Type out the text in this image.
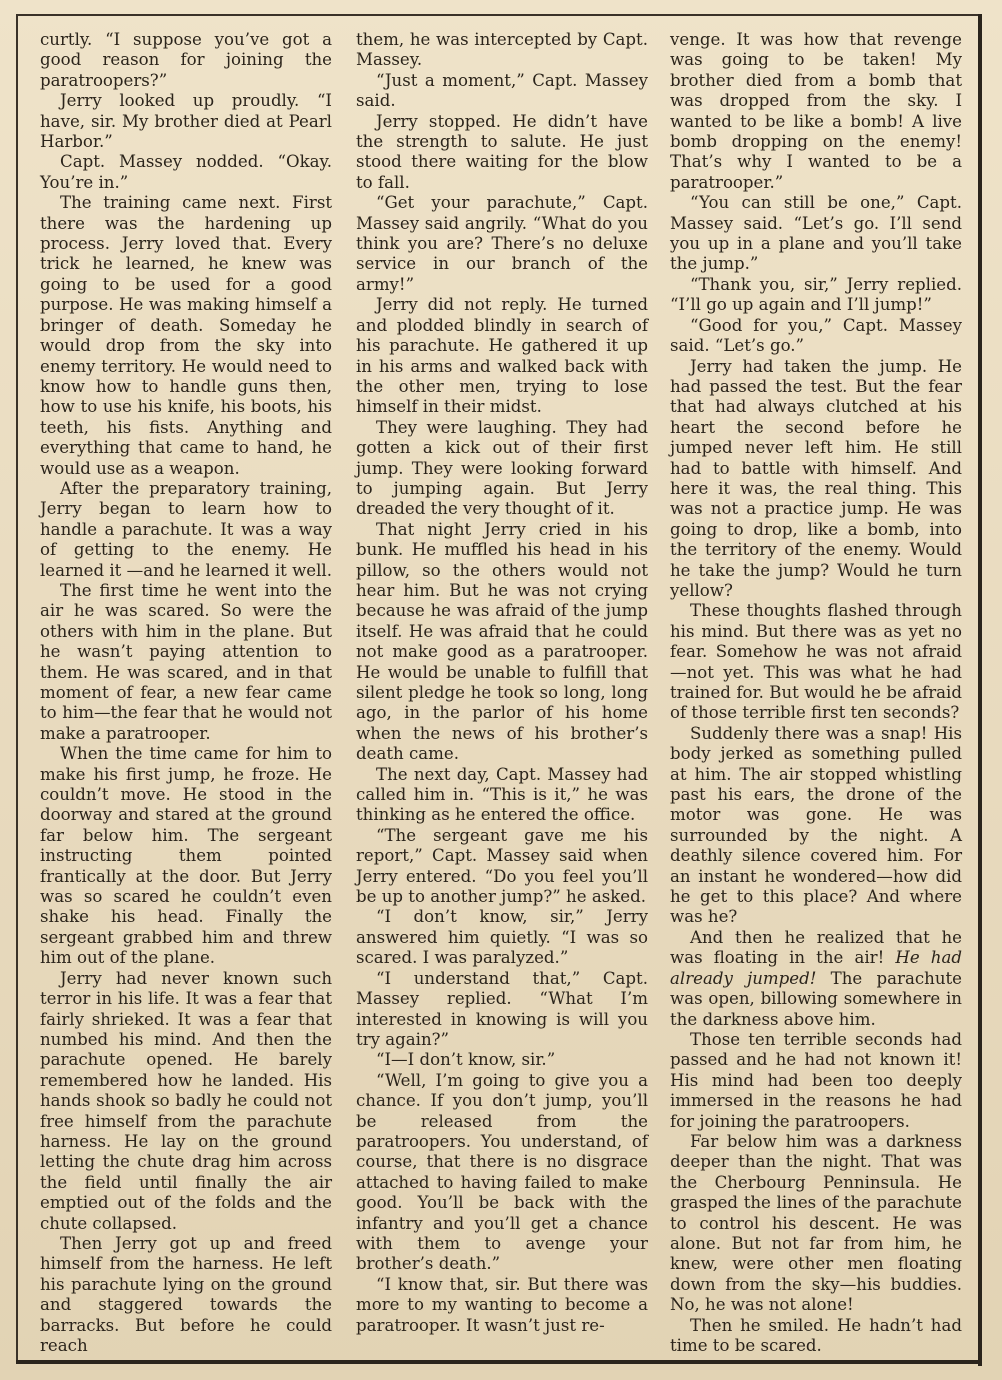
curtly. “I suppose you’ve got a good reason for joining the paratroopers?”

Jerry looked up proudly. “I have, sir. My brother died at Pearl Harbor.”

Capt. Massey nodded. “Okay. You’re in.”

The training came next. First there was the hardening up process. Jerry loved that. Every trick he learned, he knew was going to be used for a good purpose. He was making himself a bringer of death. Someday he would drop from the sky into enemy territory. He would need to know how to handle guns then, how to use his knife, his boots, his teeth, his fists. Anything and everything that came to hand, he would use as a weapon.

After the preparatory training, Jerry began to learn how to handle a parachute. It was a way of getting to the enemy. He learned it —and he learned it well.

The first time he went into the air he was scared. So were the others with him in the plane. But he wasn’t paying attention to them. He was scared, and in that moment of fear, a new fear came to him—the fear that he would not make a paratrooper.

When the time came for him to make his first jump, he froze. He couldn’t move. He stood in the doorway and stared at the ground far below him. The sergeant instructing them pointed frantically at the door. But Jerry was so scared he couldn’t even shake his head. Finally the sergeant grabbed him and threw him out of the plane.

Jerry had never known such terror in his life. It was a fear that fairly shrieked. It was a fear that numbed his mind. And then the parachute opened. He barely remembered how he landed. His hands shook so badly he could not free himself from the parachute harness. He lay on the ground letting the chute drag him across the field until finally the air emptied out of the folds and the chute collapsed.

Then Jerry got up and freed himself from the harness. He left his parachute lying on the ground and staggered towards the barracks. But before he could reach

them, he was intercepted by Capt. Massey.

“Just a moment,” Capt. Massey said.

Jerry stopped. He didn’t have the strength to salute. He just stood there waiting for the blow to fall.

“Get your parachute,” Capt. Massey said angrily. “What do you think you are? There’s no deluxe service in our branch of the army!”

Jerry did not reply. He turned and plodded blindly in search of his parachute. He gathered it up in his arms and walked back with the other men, trying to lose himself in their midst.

They were laughing. They had gotten a kick out of their first jump. They were looking forward to jumping again. But Jerry dreaded the very thought of it.

That night Jerry cried in his bunk. He muffled his head in his pillow, so the others would not hear him. But he was not crying because he was afraid of the jump itself. He was afraid that he could not make good as a paratrooper. He would be unable to fulfill that silent pledge he took so long, long ago, in the parlor of his home when the news of his brother’s death came.

The next day, Capt. Massey had called him in. “This is it,” he was thinking as he entered the office.

“The sergeant gave me his report,” Capt. Massey said when Jerry entered. “Do you feel you’ll be up to another jump?” he asked.

“I don’t know, sir,” Jerry answered him quietly. “I was so scared. I was paralyzed.”

“I understand that,” Capt. Massey replied. “What I’m interested in knowing is will you try again?”

“I—I don’t know, sir.”

“Well, I’m going to give you a chance. If you don’t jump, you’ll be released from the paratroopers. You understand, of course, that there is no disgrace attached to having failed to make good. You’ll be back with the infantry and you’ll get a chance with them to avenge your brother’s death.”

“I know that, sir. But there was more to my wanting to become a paratrooper. It wasn’t just re-

venge. It was how that revenge was going to be taken! My brother died from a bomb that was dropped from the sky. I wanted to be like a bomb! A live bomb dropping on the enemy! That’s why I wanted to be a paratrooper.”

“You can still be one,” Capt. Massey said. “Let’s go. I’ll send you up in a plane and you’ll take the jump.”

“Thank you, sir,” Jerry replied. “I’ll go up again and I’ll jump!”

“Good for you,” Capt. Massey said. “Let’s go.”

Jerry had taken the jump. He had passed the test. But the fear that had always clutched at his heart the second before he jumped never left him. He still had to battle with himself. And here it was, the real thing. This was not a practice jump. He was going to drop, like a bomb, into the territory of the enemy. Would he take the jump? Would he turn yellow?

These thoughts flashed through his mind. But there was as yet no fear. Somehow he was not afraid—not yet. This was what he had trained for. But would he be afraid of those terrible first ten seconds?

Suddenly there was a snap! His body jerked as something pulled at him. The air stopped whistling past his ears, the drone of the motor was gone. He was surrounded by the night. A deathly silence covered him. For an instant he wondered—how did he get to this place? And where was he?

And then he realized that he was floating in the air! He had already jumped! The parachute was open, billowing somewhere in the darkness above him.

Those ten terrible seconds had passed and he had not known it! His mind had been too deeply immersed in the reasons he had for joining the paratroopers.

Far below him was a darkness deeper than the night. That was the Cherbourg Penninsula. He grasped the lines of the parachute to control his descent. He was alone. But not far from him, he knew, were other men floating down from the sky—his buddies. No, he was not alone!

Then he smiled. He hadn’t had time to be scared.
